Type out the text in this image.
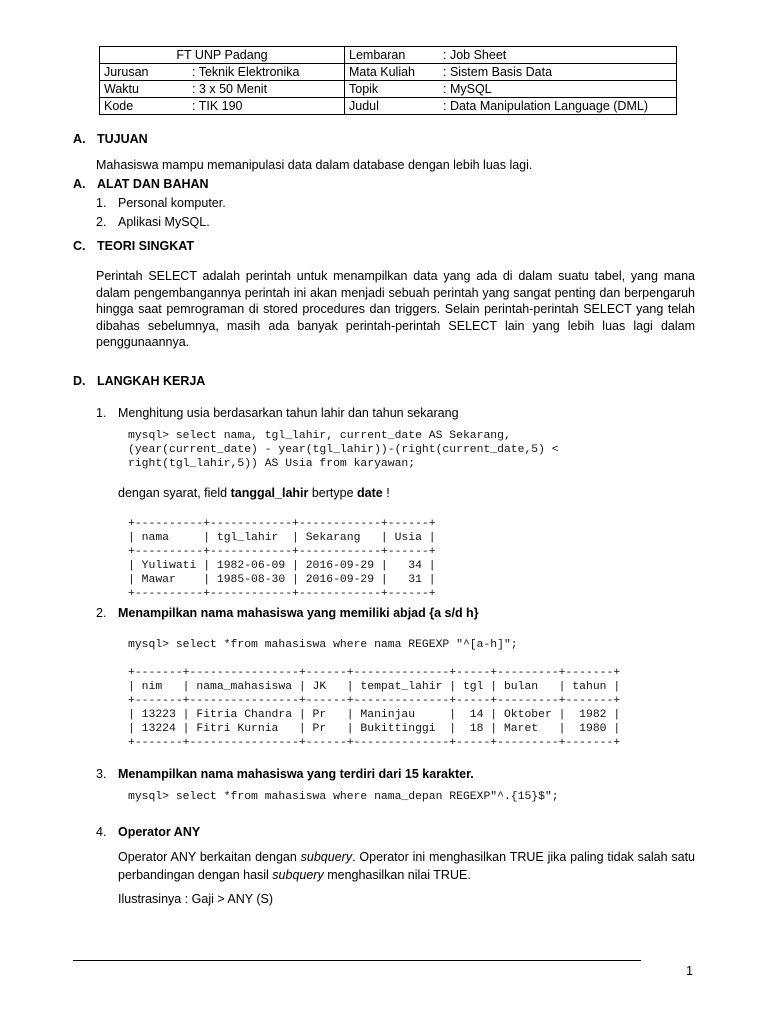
FT UNP Padang		Lembaran	: Job Sheet
Jurusan	: Teknik Elektronika	Mata Kuliah	: Sistem Basis Data
Waktu	: 3 x 50 Menit	Topik	: MySQL
Kode	: TIK 190	Judul	: Data Manipulation Language (DML)
A. TUJUAN
Mahasiswa mampu memanipulasi data dalam database dengan lebih luas lagi.
A. ALAT DAN BAHAN
1. Personal komputer.
2. Aplikasi MySQL.
C. TEORI SINGKAT
Perintah SELECT adalah perintah untuk menampilkan data yang ada di dalam suatu tabel, yang mana dalam pengembangannya perintah ini akan menjadi sebuah perintah yang sangat penting dan berpengaruh hingga saat pemrograman di stored procedures dan triggers. Selain perintah-perintah SELECT yang telah dibahas sebelumnya, masih ada banyak perintah-perintah SELECT lain yang lebih luas lagi dalam penggunaannya.
D. LANGKAH KERJA
1. Menghitung usia berdasarkan tahun lahir dan tahun sekarang
mysql> select nama, tgl_lahir, current_date AS Sekarang,
(year(current_date) - year(tgl_lahir))-(right(current_date,5) <
right(tgl_lahir,5)) AS Usia from karyawan;
dengan syarat, field tanggal_lahir bertype date !
+----------+------------+------------+------+
| nama     | tgl_lahir  | Sekarang   | Usia |
+----------+------------+------------+------+
| Yuliwati | 1982-06-09 | 2016-09-29 |   34 |
| Mawar    | 1985-08-30 | 2016-09-29 |   31 |
+----------+------------+------------+------+
2. Menampilkan nama mahasiswa yang memiliki abjad {a s/d h}
mysql> select *from mahasiswa where nama REGEXP "^[a-h]";
+-------+----------------+------+--------------+-----+---------+-------+
| nim   | nama_mahasiswa | JK   | tempat_lahir | tgl | bulan   | tahun |
+-------+----------------+------+--------------+-----+---------+-------+
| 13223 | Fitria Chandra | Pr   | Maninjau     |  14 | Oktober |  1982 |
| 13224 | Fitri Kurnia   | Pr   | Bukittinggi  |  18 | Maret   |  1980 |
+-------+----------------+------+--------------+-----+---------+-------+
3. Menampilkan nama mahasiswa yang terdiri dari 15 karakter.
mysql> select *from mahasiswa where nama_depan REGEXP"^.{15}$";
4. Operator ANY
Operator ANY berkaitan dengan subquery. Operator ini menghasilkan TRUE jika paling tidak salah satu perbandingan dengan hasil subquery menghasilkan nilai TRUE.
Ilustrasinya : Gaji > ANY (S)
1
